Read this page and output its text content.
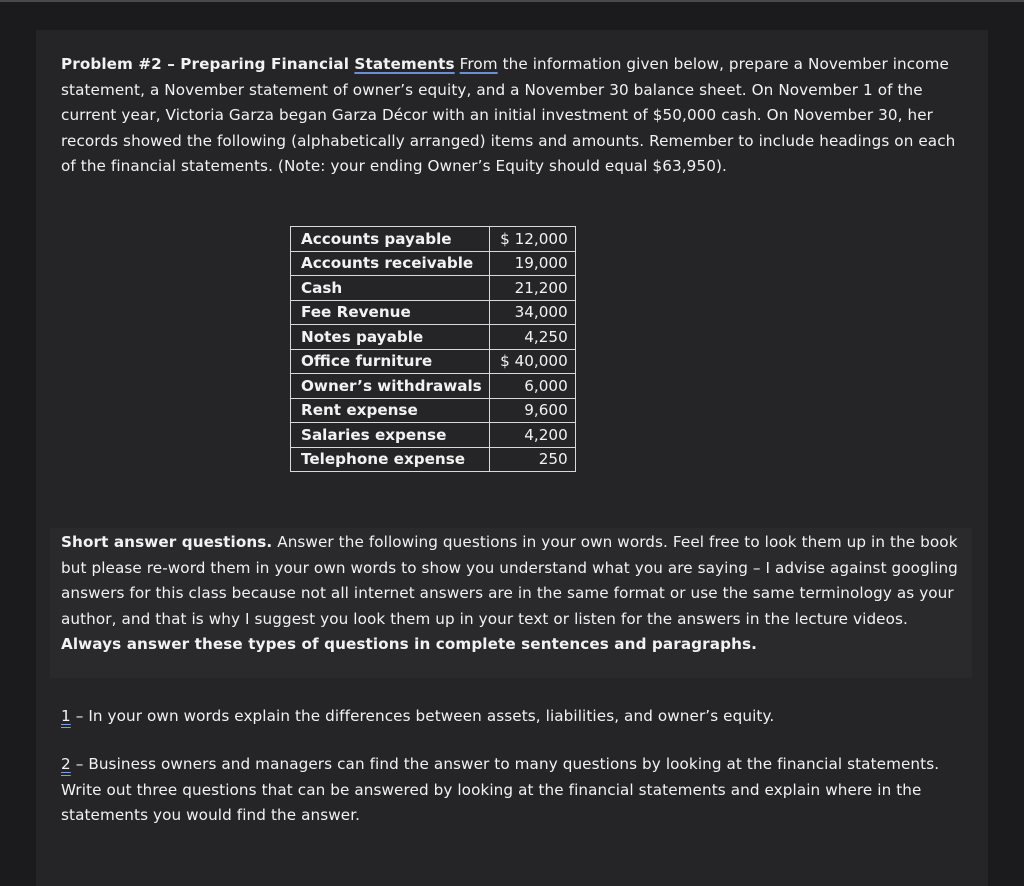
Problem #2 – Preparing Financial Statements From the information given below, prepare a November income statement, a November statement of owner’s equity, and a November 30 balance sheet. On November 1 of the current year, Victoria Garza began Garza Décor with an initial investment of $50,000 cash. On November 30, her records showed the following (alphabetically arranged) items and amounts. Remember to include headings on each of the financial statements. (Note: your ending Owner’s Equity should equal $63,950).

Accounts payable	$ 12,000
Accounts receivable	19,000
Cash	21,200
Fee Revenue	34,000
Notes payable	4,250
Office furniture	$ 40,000
Owner’s withdrawals	6,000
Rent expense	9,600
Salaries expense	4,200
Telephone expense	250

Short answer questions. Answer the following questions in your own words. Feel free to look them up in the book but please re-word them in your own words to show you understand what you are saying – I advise against googling answers for this class because not all internet answers are in the same format or use the same terminology as your author, and that is why I suggest you look them up in your text or listen for the answers in the lecture videos. Always answer these types of questions in complete sentences and paragraphs.

1 – In your own words explain the differences between assets, liabilities, and owner’s equity.

2 – Business owners and managers can find the answer to many questions by looking at the financial statements. Write out three questions that can be answered by looking at the financial statements and explain where in the statements you would find the answer.
